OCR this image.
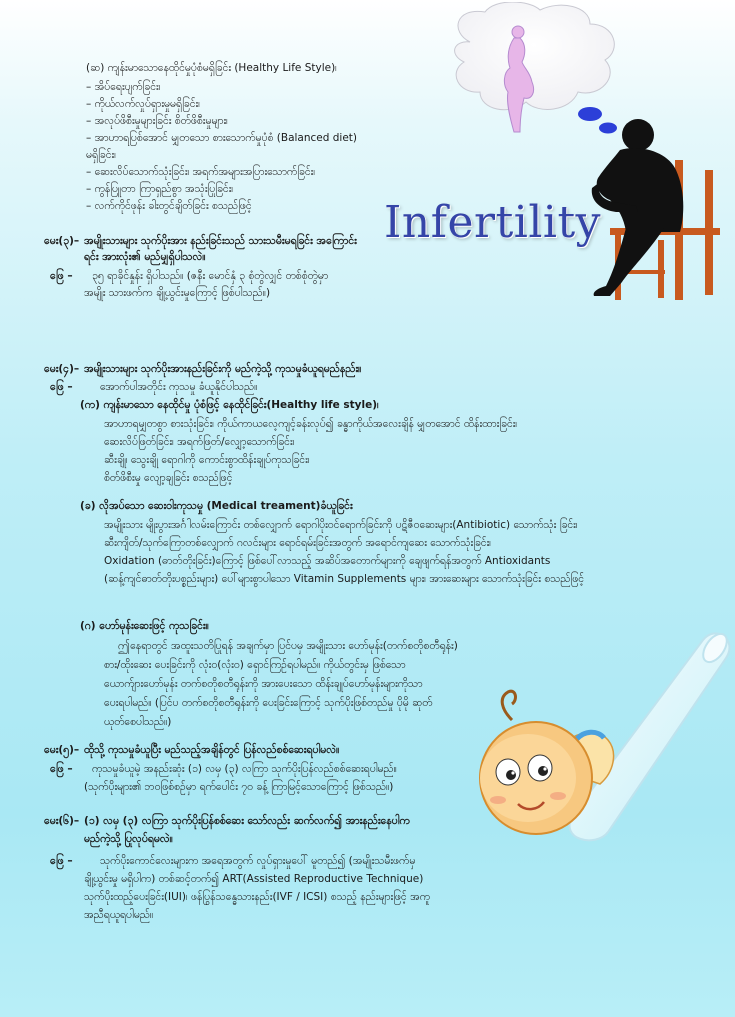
Infertility
(ဆ) ကျန်းမာသောနေထိုင်မှုပုံစံမရှိခြင်း (Healthy Life Style)၊
– အိပ်ရေးပျက်ခြင်း၊
– ကိုယ်လက်လှုပ်ရှားမှုမရှိခြင်း၊
– အလုပ်ဖိစီးမှုများခြင်း စိတ်ဖိစီးမှုများ၊
– အာဟာရပြစ်အောင် မျှတသော စားသောက်မှုပုံစံ (Balanced diet)
မရှိခြင်း၊
– ဆေးလိပ်သောက်သုံးခြင်း၊ အရက်အများအပြားသောက်ခြင်း၊
– ကွန်ပြူတာ ကြာရှည်စွာ အသုံးပြုခြင်း၊
– လက်ကိုင်ဖုန်း ခါးတွင်ချိတ်ခြင်း စသည်ဖြင့်
မေး(၃)– အမျိုးသားများ သုက်ပိုးအား နည်းခြင်းသည် သားသမီးမရခြင်း အကြောင်း
ရင်း အားလုံး၏ မည်မျှရှိပါသလဲ။
ဖြေ – ၃၅ ရာခိုင်နှုန်း ရှိပါသည်။ (ဇနီး မောင်နှံ ၃ စုံတွဲလျှင် တစ်စုံတွဲမှာ
အမျိုး သားဖက်က ချို့ယွင်းမှုကြောင့် ဖြစ်ပါသည်။)
မေး(၄)– အမျိုးသားများ သုက်ပိုးအားနည်းခြင်းကို မည်ကဲ့သို့ ကုသမှုခံယူရမည်နည်း။
ဖြေ –	အောက်ပါအတိုင်း ကုသမှု ခံယူနိုင်ပါသည်။
(က) ကျန်းမာသော နေထိုင်မှု ပုံစံဖြင့် နေထိုင်ခြင်း(Healthy life style)၊
အာဟာရမျှတစွာ စားသုံးခြင်း၊ ကိုယ်ကာယလေ့ကျင့်ခန်းလုပ်၍ ခန္ဓာကိုယ်အလေးချိန် မျှတအောင် ထိန်းထားခြင်း၊
ဆေးလိပ်ဖြတ်ခြင်း၊ အရက်ဖြတ်/လျှော့သောက်ခြင်း၊
ဆီးချို၊ သွေးချို ရောဂါကို ကောင်းစွာထိန်းချုပ်ကုသခြင်း၊
စိတ်ဖိစီးမှု လျော့ချခြင်း စသည်ဖြင့်
(ခ) လိုအပ်သော ဆေးဝါးကုသမှု (Medical treament)ခံယူခြင်း
အမျိုးသား မျိုးပွားအင်္ဂါလမ်းကြောင်း တစ်လျှောက် ရောဂါပိုးဝင်ရောက်ခြင်းကို ပဋိဇီဝဆေးများ(Antibiotic) သောက်သုံး ခြင်း၊
ဆီးကျိတ်/သုက်ကြောတစ်လျှောက် ဂလင်းများ ရောင်ရမ်းခြင်းအတွက် အရောင်ကျဆေး သောက်သုံးခြင်း၊
Oxidation (ဓာတ်တိုးခြင်း)ကြောင့် ဖြစ်ပေါ်လာသည့် အဆိပ်အတောက်များကို ချေဖျက်ရန်အတွက် Antioxidants
(ဆန့်ကျင်ဓာတ်တိုးပစ္စည်းများ) ပေါ်များစွာပါသော Vitamin Supplements များ၊ အားဆေးများ သောက်သုံးခြင်း စသည်ဖြင့်
(ဂ) ဟော်မုန်းဆေးဖြင့် ကုသခြင်း။
ဤနေရာတွင် အထူးသတိပြုရန် အချက်မှာ ပြင်ပမှ အမျိုးသား ဟော်မုန်း(တက်စတိုစတီရုန်း)
စား/ထိုးဆေး ပေးခြင်းကို လုံး၀(လုံးဝ) ရှောင်ကြဉ်ရပါမည်။ ကိုယ်တွင်းမှ ဖြစ်သော
ယောက်ျားဟော်မုန်း တက်စတိုစတီရုန်းကို အားပေးသော ထိန်းချုပ်ဟော်မုန်းများကိုသာ
ပေးရပါမည်။ (ပြင်ပ တက်စတိုစတီရုန်းကို ပေးခြင်းကြောင့် သုက်ပိုးဖြစ်တည်မှု ပိုမို ဆုတ်
ယုတ်စေပါသည်။)
မေး(၅)– ထိုသို့ ကုသမှုခံယူပြီး မည်သည့်အချိန်တွင် ပြန်လည်စစ်ဆေးရပါမလဲ။
ဖြေ – ကုသမှုခံယူမဲ့ အနည်းဆုံး (၁) လမှ (၃) လကြာ သုက်ပိုးပြန်လည်စစ်ဆေးရပါမည်။
(သုက်ပိုးများ၏ ဘဝဖြစ်စဉ်မှာ ရက်ပေါင်း ၇၀ ခန့် ကြာမြင့်သောကြောင့် ဖြစ်သည်။)
မေး(၆)– (၁) လမှ (၃) လကြာ သုက်ပိုးပြန်စစ်ဆေး သော်လည်း ဆက်လက်၍ အားနည်းနေပါက
မည်ကဲ့သို့ ပြုလုပ်ရမလဲ။
ဖြေ –	သုက်ပိုးကောင်လေးများက အရေအတွက် လှုပ်ရှားမှုပေါ် မူတည်၍ (အမျိုးသမီးဖက်မှ
ချို့ယွင်းမှု မရှိပါက) တစ်ဆင့်တက်၍ ART(Assisted Reproductive Technique)
သုက်ပိုးထည့်ပေးခြင်း(IUI)၊ ဖန်ပြွန်သန္ဓေသားနည်း(IVF / ICSI) စသည့် နည်းများဖြင့် အကူ
အညီရယူရပါမည်။
